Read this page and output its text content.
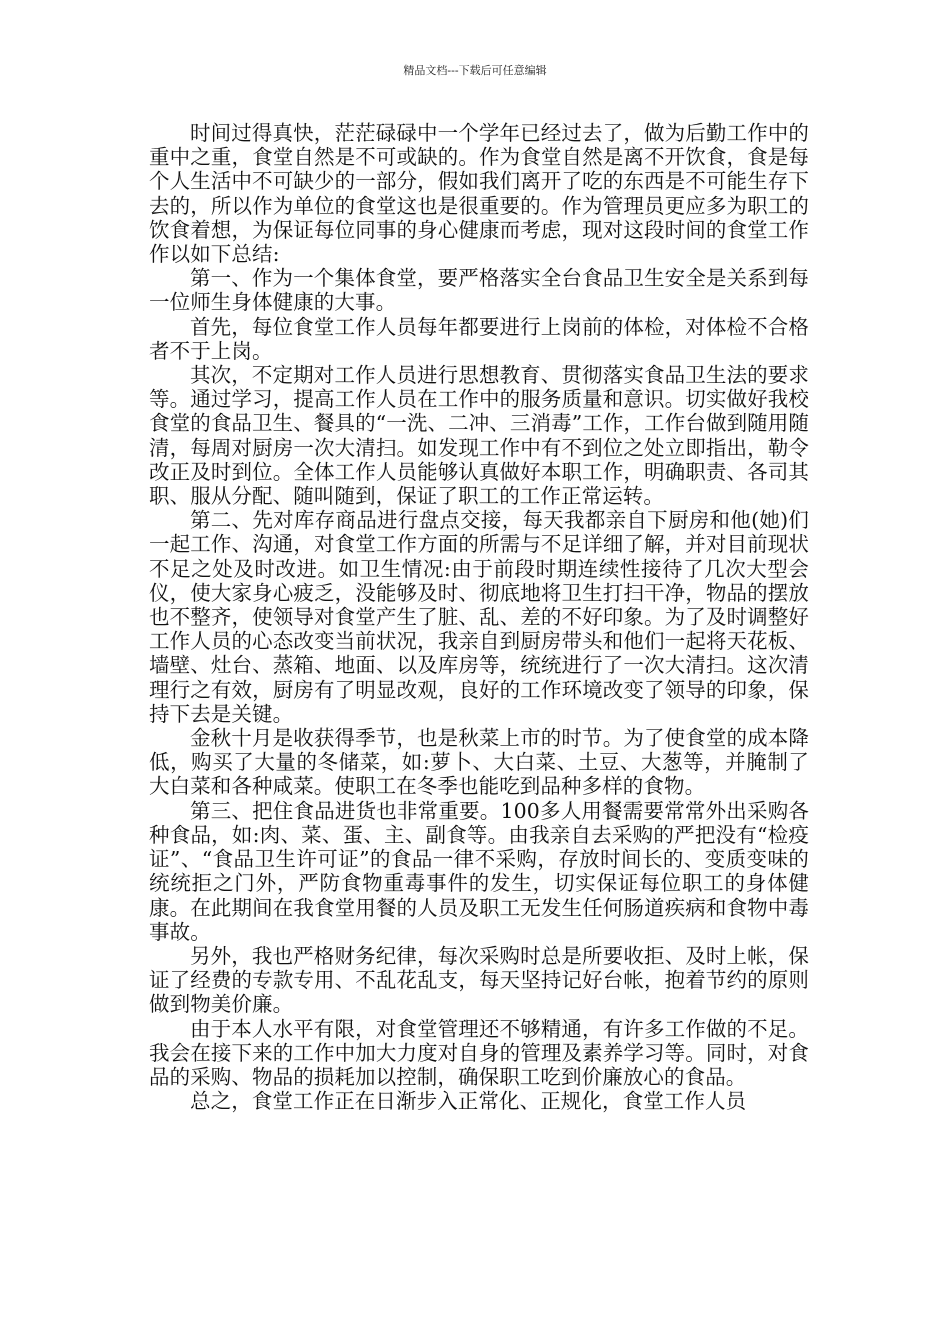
精品文档---下载后可任意编辑

时间过得真快，茫茫碌碌中一个学年已经过去了，做为后勤工作中的重中之重，食堂自然是不可或缺的。作为食堂自然是离不开饮食，食是每个人生活中不可缺少的一部分，假如我们离开了吃的东西是不可能生存下去的，所以作为单位的食堂这也是很重要的。作为管理员更应多为职工的饮食着想，为保证每位同事的身心健康而考虑，现对这段时间的食堂工作作以如下总结:

第一、作为一个集体食堂，要严格落实全台食品卫生安全是关系到每一位师生身体健康的大事。

首先，每位食堂工作人员每年都要进行上岗前的体检，对体检不合格者不于上岗。

其次，不定期对工作人员进行思想教育、贯彻落实食品卫生法的要求等。通过学习，提高工作人员在工作中的服务质量和意识。切实做好我校食堂的食品卫生、餐具的“一洗、二冲、三消毒”工作，工作台做到随用随清，每周对厨房一次大清扫。如发现工作中有不到位之处立即指出，勒令改正及时到位。全体工作人员能够认真做好本职工作，明确职责、各司其职、服从分配、随叫随到，保证了职工的工作正常运转。

第二、先对库存商品进行盘点交接，每天我都亲自下厨房和他(她)们一起工作、沟通，对食堂工作方面的所需与不足详细了解，并对目前现状不足之处及时改进。如卫生情况:由于前段时期连续性接待了几次大型会仪，使大家身心疲乏，没能够及时、彻底地将卫生打扫干净，物品的摆放也不整齐，使领导对食堂产生了脏、乱、差的不好印象。为了及时调整好工作人员的心态改变当前状况，我亲自到厨房带头和他们一起将天花板、墙壁、灶台、蒸箱、地面、以及库房等，统统进行了一次大清扫。这次清理行之有效，厨房有了明显改观，良好的工作环境改变了领导的印象，保持下去是关键。

金秋十月是收获得季节，也是秋菜上市的时节。为了使食堂的成本降低，购买了大量的冬储菜，如:萝卜、大白菜、土豆、大葱等，并腌制了大白菜和各种咸菜。使职工在冬季也能吃到品种多样的食物。

第三、把住食品进货也非常重要。100多人用餐需要常常外出采购各种食品，如:肉、菜、蛋、主、副食等。由我亲自去采购的严把没有“检疫证”、“食品卫生许可证”的食品一律不采购，存放时间长的、变质变味的统统拒之门外，严防食物重毒事件的发生，切实保证每位职工的身体健康。在此期间在我食堂用餐的人员及职工无发生任何肠道疾病和食物中毒事故。

另外，我也严格财务纪律，每次采购时总是所要收拒、及时上帐，保证了经费的专款专用、不乱花乱支，每天坚持记好台帐，抱着节约的原则做到物美价廉。

由于本人水平有限，对食堂管理还不够精通，有许多工作做的不足。我会在接下来的工作中加大力度对自身的管理及素养学习等。同时，对食品的采购、物品的损耗加以控制，确保职工吃到价廉放心的食品。

总之，食堂工作正在日渐步入正常化、正规化，食堂工作人员
